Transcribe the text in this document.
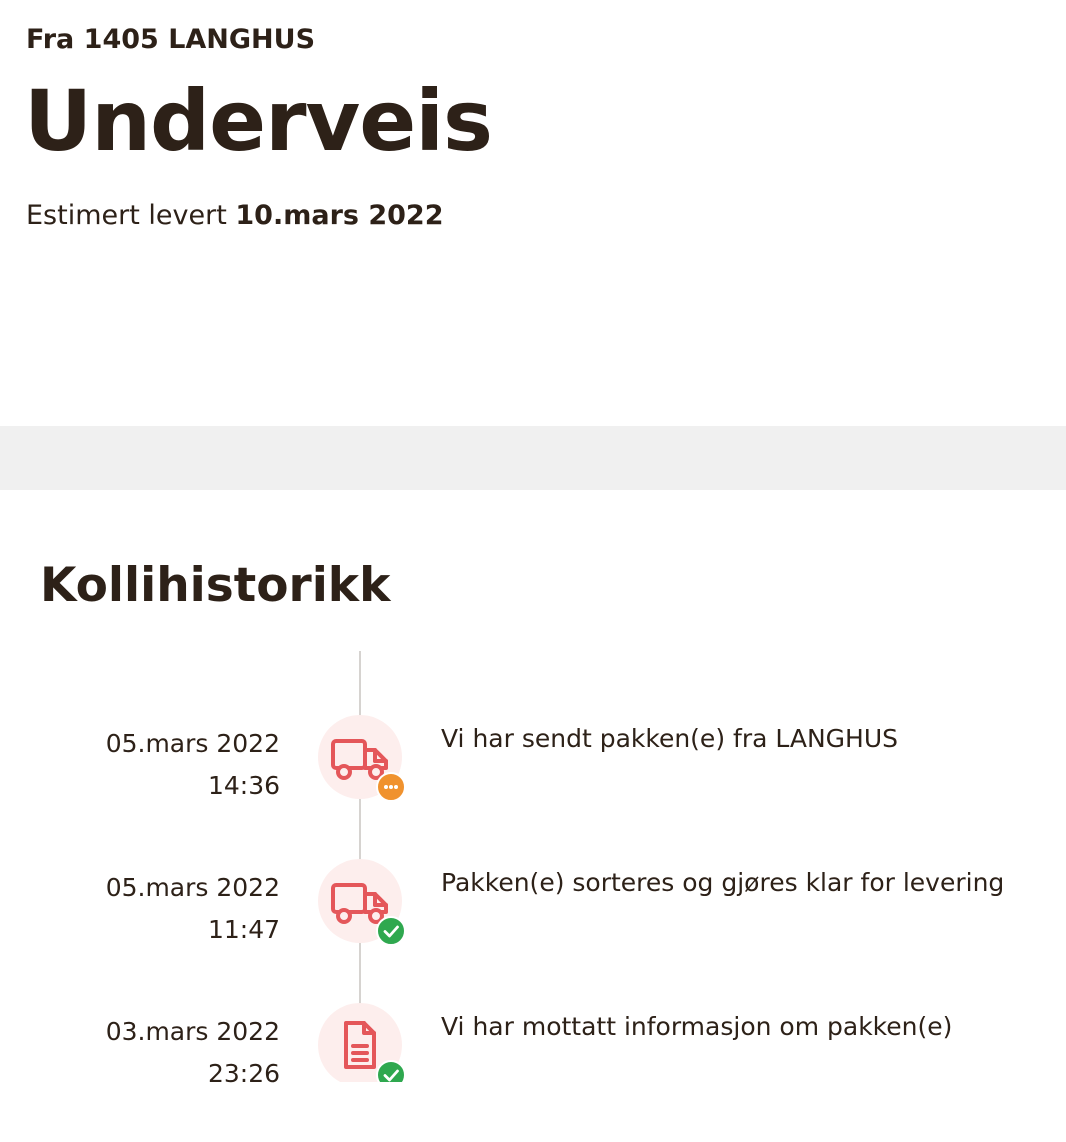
Fra 1405 LANGHUS
Underveis
Estimert levert 10.mars 2022
Kollihistorikk
05.mars 2022
14:36
Vi har sendt pakken(e) fra LANGHUS
05.mars 2022
11:47
Pakken(e) sorteres og gjøres klar for levering
03.mars 2022
23:26
Vi har mottatt informasjon om pakken(e)
